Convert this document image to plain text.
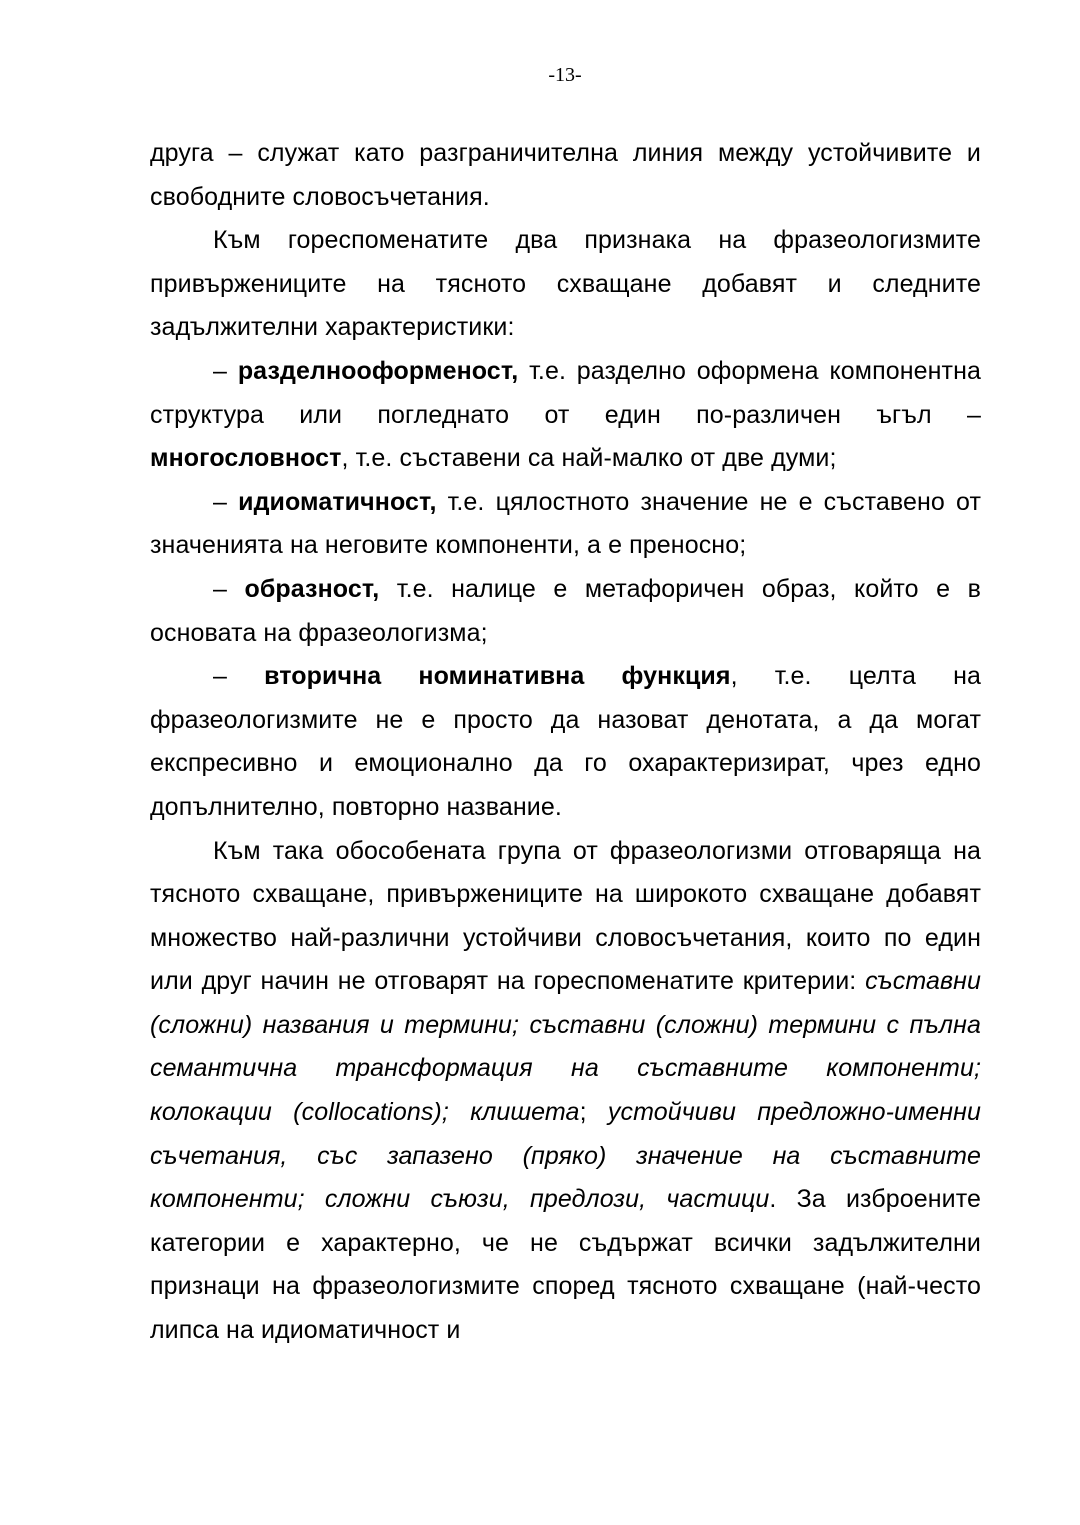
-13-

друга – служат като разграничителна линия между устойчивите и свободните словосъчетания.

Към гореспоменатите два признака на фразеологизмите привържениците на тясното схващане добавят и следните задължителни характеристики:

– разделнооформеност, т.е. разделно оформена компонентна структура или погледнато от един по-различен ъгъл – многословност, т.е. съставени са най-малко от две думи;

– идиоматичност, т.е. цялостното значение не е съставено от значенията на неговите компоненти, а е преносно;

– образност, т.е. налице е метафоричен образ, който е в основата на фразеологизма;

– вторична номинативна функция, т.е. целта на фразеологизмите не е просто да назоват денотата, а да могат експресивно и емоционално да го охарактеризират, чрез едно допълнително, повторно название.

Към така обособената група от фразеологизми отговаряща на тясното схващане, привържениците на широкото схващане добавят множество най-различни устойчиви словосъчетания, които по един или друг начин не отговарят на гореспоменатите критерии: съставни (сложни) названия и термини; съставни (сложни) термини с пълна семантична трансформация на съставните компоненти; колокации (collocations); клишета; устойчиви предложно-именни съчетания, със запазено (пряко) значение на съставните компоненти; сложни съюзи, предлози, частици. За изброените категории е характерно, че не съдържат всички задължителни признаци на фразеологизмите според тясното схващане (най-често липса на идиоматичност и
